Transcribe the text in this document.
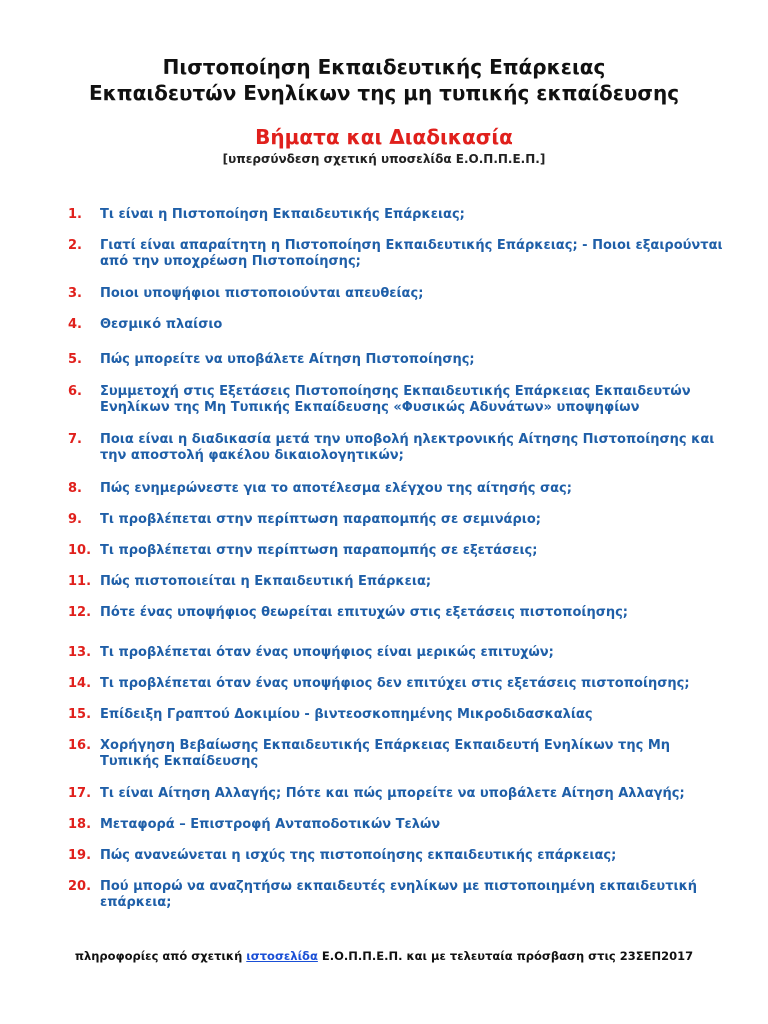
Πιστοποίηση Εκπαιδευτικής Επάρκειας
Εκπαιδευτών Ενηλίκων της μη τυπικής εκπαίδευσης
Βήματα και Διαδικασία
[υπερσύνδεση σχετική υποσελίδα Ε.Ο.Π.Π.Ε.Π.]
1.	Τι είναι η Πιστοποίηση Εκπαιδευτικής Επάρκειας;
2.	Γιατί είναι απαραίτητη η Πιστοποίηση Εκπαιδευτικής Επάρκειας; - Ποιοι εξαιρούνται από την υποχρέωση Πιστοποίησης;
3.	Ποιοι υποψήφιοι πιστοποιούνται απευθείας;
4.	Θεσμικό πλαίσιο
5.	Πώς μπορείτε να υποβάλετε Αίτηση Πιστοποίησης;
6.	Συμμετοχή στις Εξετάσεις Πιστοποίησης Εκπαιδευτικής Επάρκειας Εκπαιδευτών Ενηλίκων της Μη Τυπικής Εκπαίδευσης «Φυσικώς Αδυνάτων» υποψηφίων
7.	Ποια είναι η διαδικασία μετά την υποβολή ηλεκτρονικής Αίτησης Πιστοποίησης και την αποστολή φακέλου δικαιολογητικών;
8.	Πώς ενημερώνεστε για το αποτέλεσμα ελέγχου της αίτησής σας;
9.	Τι προβλέπεται στην περίπτωση παραπομπής σε σεμινάριο;
10. Τι προβλέπεται στην περίπτωση παραπομπής σε εξετάσεις;
11. Πώς πιστοποιείται η Εκπαιδευτική Επάρκεια;
12. Πότε ένας υποψήφιος θεωρείται επιτυχών στις εξετάσεις πιστοποίησης;
13. Τι προβλέπεται όταν ένας υποψήφιος είναι μερικώς επιτυχών;
14. Τι προβλέπεται όταν ένας υποψήφιος δεν επιτύχει στις εξετάσεις πιστοποίησης;
15. Επίδειξη Γραπτού Δοκιμίου - βιντεοσκοπημένης Μικροδιδασκαλίας
16. Χορήγηση Βεβαίωσης Εκπαιδευτικής Επάρκειας Εκπαιδευτή Ενηλίκων της Μη Τυπικής Εκπαίδευσης
17. Τι είναι Αίτηση Αλλαγής; Πότε και πώς μπορείτε να υποβάλετε Αίτηση Αλλαγής;
18. Μεταφορά – Επιστροφή Ανταποδοτικών Τελών
19. Πώς ανανεώνεται η ισχύς της πιστοποίησης εκπαιδευτικής επάρκειας;
20. Πού μπορώ να αναζητήσω εκπαιδευτές ενηλίκων με πιστοποιημένη εκπαιδευτική επάρκεια;
πληροφορίες από σχετική ιστοσελίδα Ε.Ο.Π.Π.Ε.Π. και με τελευταία πρόσβαση στις 23ΣΕΠ2017
